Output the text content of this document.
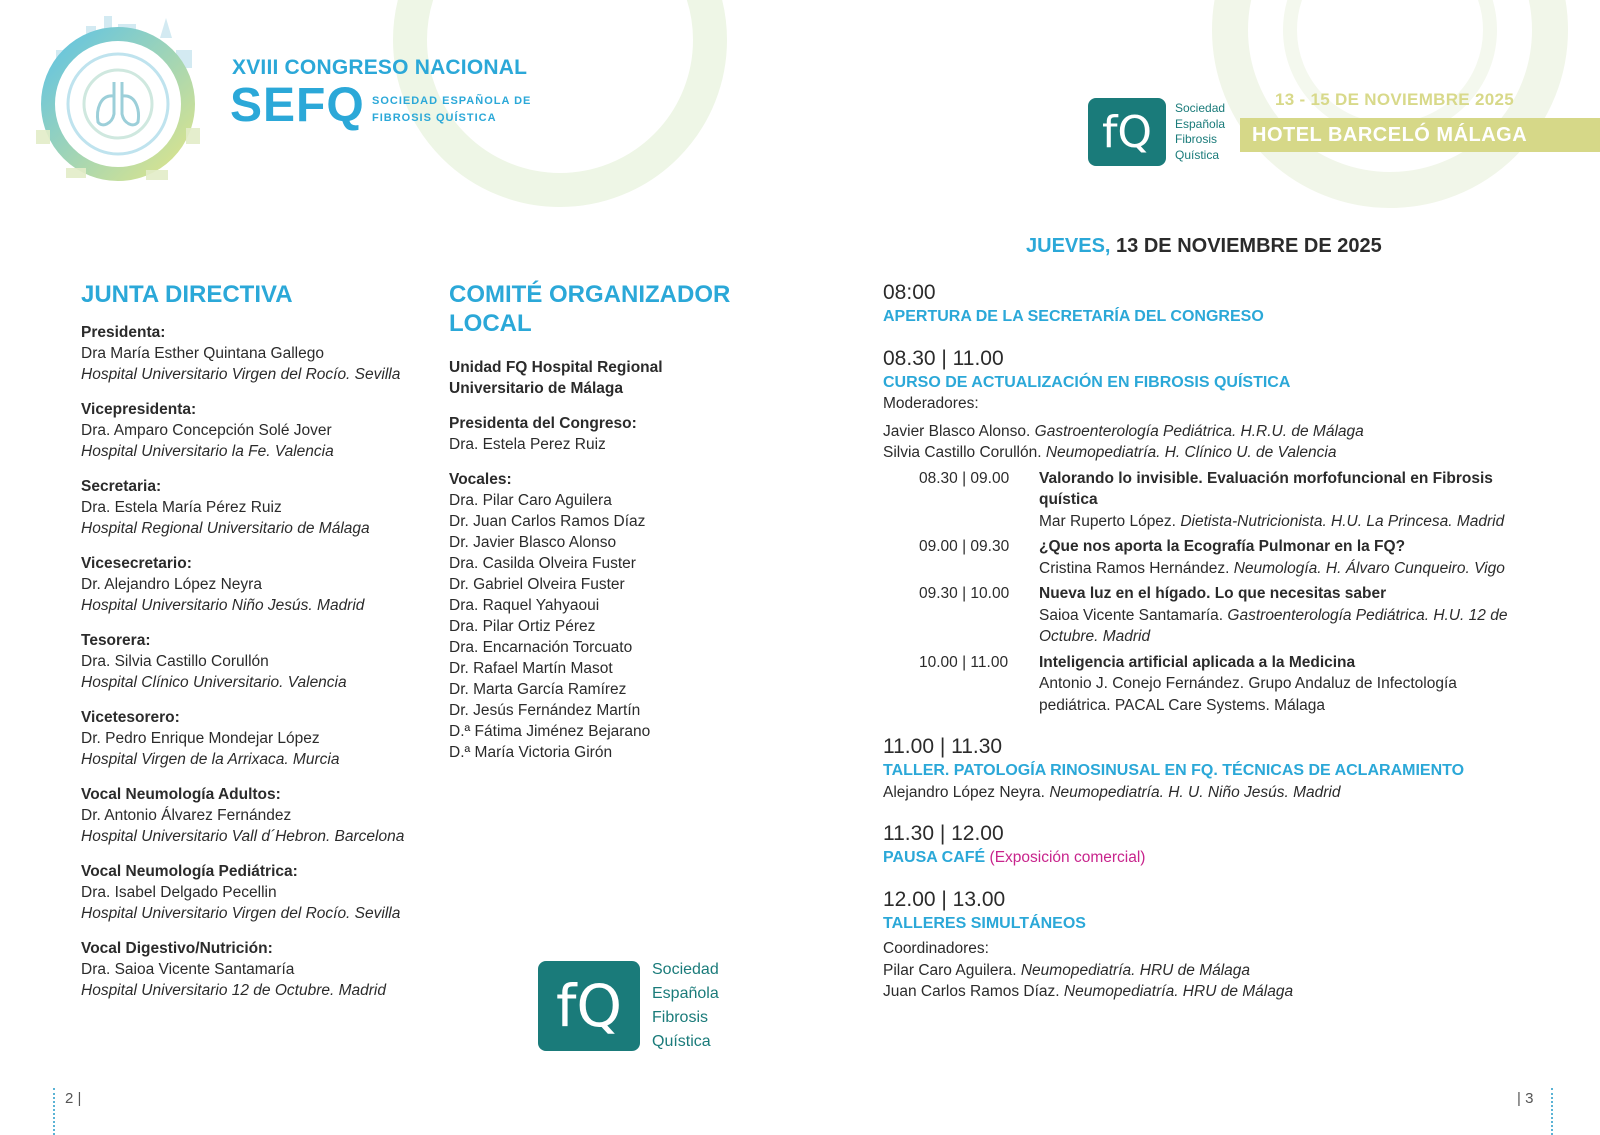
XVIII CONGRESO NACIONAL
SEFQ SOCIEDAD ESPAÑOLA DE
FIBROSIS QUÍSTICA	fQ	Sociedad
Española
Fibrosis
Quística
13 - 15 DE NOVIEMBRE 2025
HOTEL BARCELÓ MÁLAGA
JUNTA DIRECTIVA
Presidenta:
Dra María Esther Quintana Gallego
Hospital Universitario Virgen del Rocío. Sevilla
Vicepresidenta:
Dra. Amparo Concepción Solé Jover
Hospital Universitario la Fe. Valencia
Secretaria:
Dra. Estela María Pérez Ruiz
Hospital Regional Universitario de Málaga
Vicesecretario:
Dr. Alejandro López Neyra
Hospital Universitario Niño Jesús. Madrid
Tesorera:
Dra. Silvia Castillo Corullón
Hospital Clínico Universitario. Valencia
Vicetesorero:
Dr. Pedro Enrique Mondejar López
Hospital Virgen de la Arrixaca. Murcia
Vocal Neumología Adultos:
Dr. Antonio Álvarez Fernández
Hospital Universitario Vall d´Hebron. Barcelona
Vocal Neumología Pediátrica:
Dra. Isabel Delgado Pecellin
Hospital Universitario Virgen del Rocío. Sevilla
Vocal Digestivo/Nutrición:
Dra. Saioa Vicente Santamaría
Hospital Universitario 12 de Octubre. Madrid
COMITÉ ORGANIZADOR
LOCAL
Unidad FQ Hospital Regional
Universitario de Málaga
Presidenta del Congreso:
Dra. Estela Perez Ruiz
Vocales:
Dra. Pilar Caro Aguilera
Dr. Juan Carlos Ramos Díaz
Dr. Javier Blasco Alonso
Dra. Casilda Olveira Fuster
Dr. Gabriel Olveira Fuster
Dra. Raquel Yahyaoui
Dra. Pilar Ortiz Pérez
Dra. Encarnación Torcuato
Dr. Rafael Martín Masot
Dr. Marta García Ramírez
Dr. Jesús Fernández Martín
D.ª Fátima Jiménez Bejarano
D.ª María Victoria Girón
fQ
Sociedad
Española
Fibrosis
Quística
JUEVES, 13 DE NOVIEMBRE DE 2025
08:00
APERTURA DE LA SECRETARÍA DEL CONGRESO
08.30 | 11.00
CURSO DE ACTUALIZACIÓN EN FIBROSIS QUÍSTICA
Moderadores:
Javier Blasco Alonso. Gastroenterología Pediátrica. H.R.U. de Málaga
Silvia Castillo Corullón. Neumopediatría. H. Clínico U. de Valencia
08.30 | 09.00	Valorando lo invisible. Evaluación morfofuncional en Fibrosis quística
Mar Ruperto López. Dietista-Nutricionista. H.U. La Princesa. Madrid
09.00 | 09.30	¿Que nos aporta la Ecografía Pulmonar en la FQ?
Cristina Ramos Hernández. Neumología. H. Álvaro Cunqueiro. Vigo
09.30 | 10.00	Nueva luz en el hígado. Lo que necesitas saber
Saioa Vicente Santamaría. Gastroenterología Pediátrica. H.U. 12 de Octubre. Madrid
10.00 | 11.00	Inteligencia artificial aplicada a la Medicina
Antonio J. Conejo Fernández. Grupo Andaluz de Infectología pediátrica. PACAL Care Systems. Málaga
11.00 | 11.30
TALLER. PATOLOGÍA RINOSINUSAL EN FQ. TÉCNICAS DE ACLARAMIENTO
Alejandro López Neyra. Neumopediatría. H. U. Niño Jesús. Madrid
11.30 | 12.00
PAUSA CAFÉ (Exposición comercial)
12.00 | 13.00
TALLERES SIMULTÁNEOS
Coordinadores:
Pilar Caro Aguilera. Neumopediatría. HRU de Málaga
Juan Carlos Ramos Díaz. Neumopediatría. HRU de Málaga
2 |	| 3
